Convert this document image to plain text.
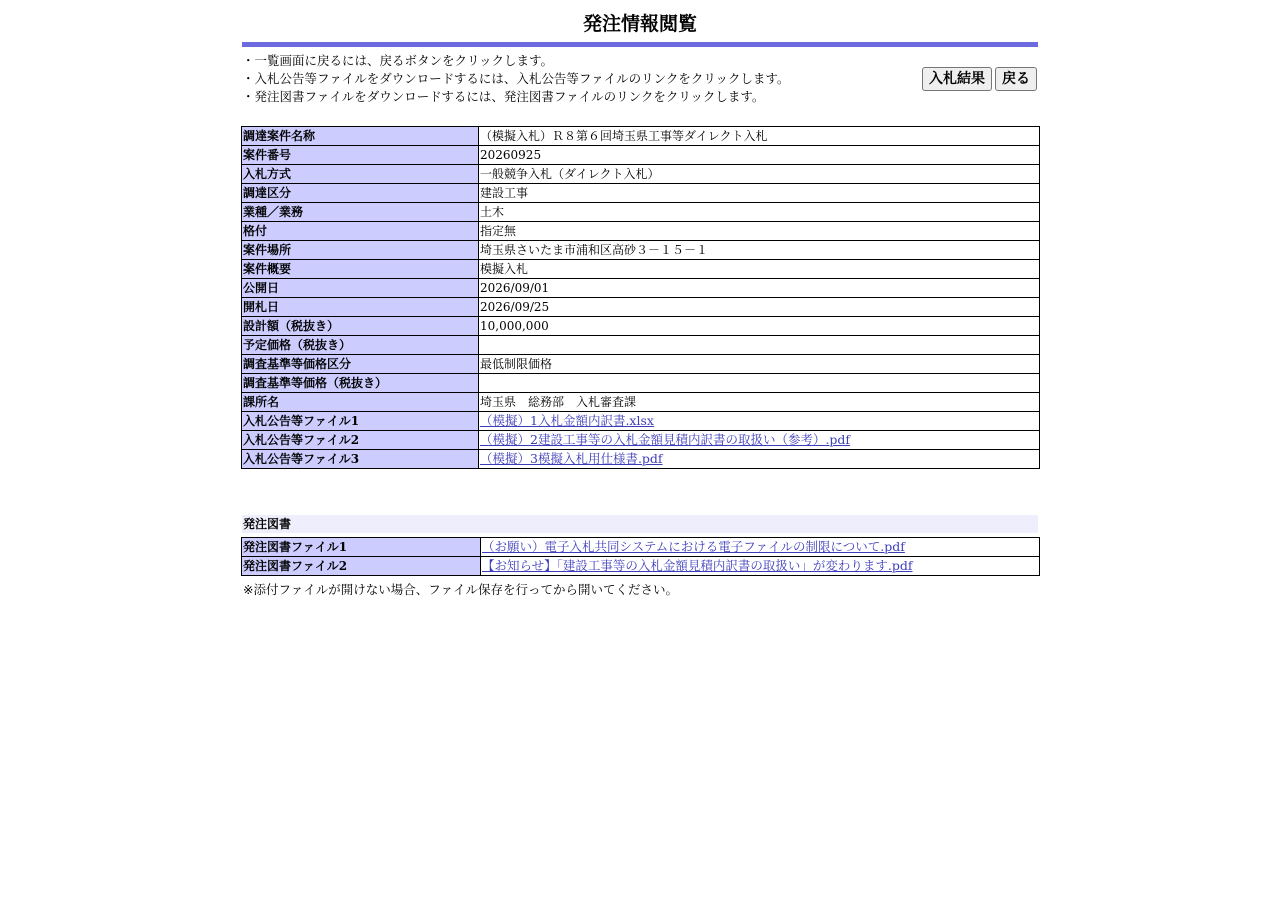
発注情報閲覧
・一覧画面に戻るには、戻るボタンをクリックします。
・入札公告等ファイルをダウンロードするには、入札公告等ファイルのリンクをクリックします。
・発注図書ファイルをダウンロードするには、発注図書ファイルのリンクをクリックします。
入札結果	戻る
調達案件名称	（模擬入札）Ｒ８第６回埼玉県工事等ダイレクト入札
案件番号	20260925
入札方式	一般競争入札（ダイレクト入札）
調達区分	建設工事
業種／業務	土木
格付	指定無
案件場所	埼玉県さいたま市浦和区高砂３－１５－１
案件概要	模擬入札
公開日	2026/09/01
開札日	2026/09/25
設計額（税抜き）	10,000,000
予定価格（税抜き）	
調査基準等価格区分	最低制限価格
調査基準等価格（税抜き）	
課所名	埼玉県　総務部　入札審査課
入札公告等ファイル1	（模擬）1入札金額内訳書.xlsx
入札公告等ファイル2	（模擬）2建設工事等の入札金額見積内訳書の取扱い（参考）.pdf
入札公告等ファイル3	（模擬）3模擬入札用仕様書.pdf
発注図書
発注図書ファイル1	（お願い）電子入札共同システムにおける電子ファイルの制限について.pdf
発注図書ファイル2	【お知らせ】「建設工事等の入札金額見積内訳書の取扱い」が変わります.pdf
※添付ファイルが開けない場合、ファイル保存を行ってから開いてください。
